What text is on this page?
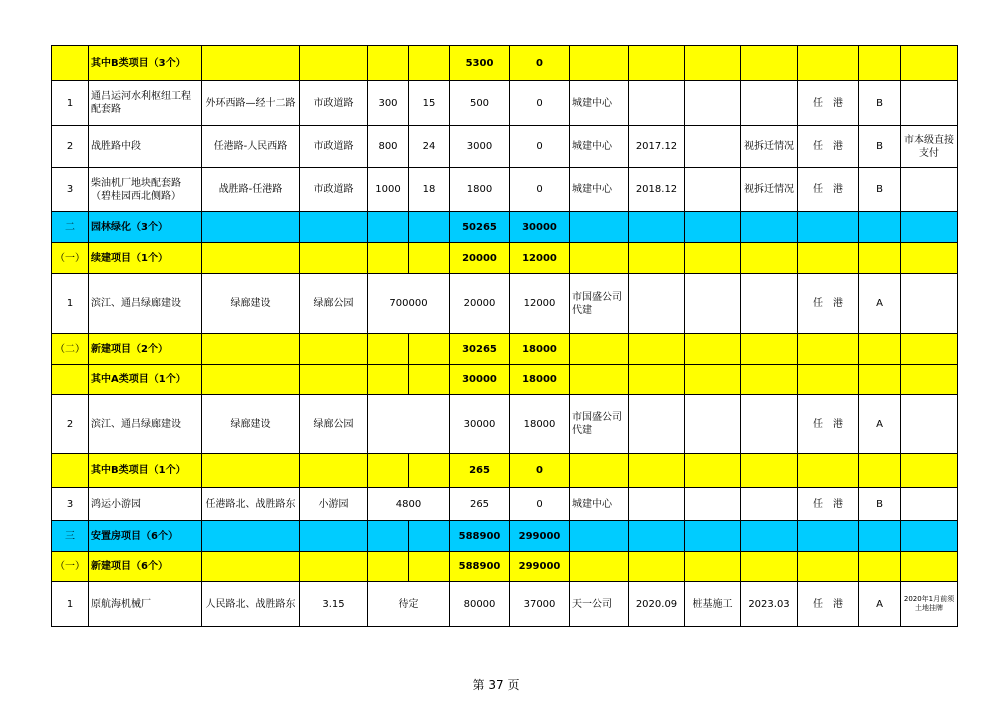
	其中B类项目（3个）					5300	0							
1	通吕运河水利枢纽工程配套路	外环西路—经十二路	市政道路	300	15	500	0	城建中心				任　港	B	
2	战胜路中段	任港路-人民西路	市政道路	800	24	3000	0	城建中心	2017.12		视拆迁情况	任　港	B	市本级直接支付
3	柴油机厂地块配套路（碧桂园西北侧路）	战胜路-任港路	市政道路	1000	18	1800	0	城建中心	2018.12		视拆迁情况	任　港	B	
二	园林绿化（3个）					50265	30000							
（一）	续建项目（1个）					20000	12000							
1	滨江、通吕绿廊建设	绿廊建设	绿廊公园	700000		20000	12000	市国盛公司代建				任　港	A	
（二）	新建项目（2个）					30265	18000							
	其中A类项目（1个）					30000	18000							
2	滨江、通吕绿廊建设	绿廊建设	绿廊公园			30000	18000	市国盛公司代建				任　港	A	
	其中B类项目（1个）					265	0							
3	鸿运小游园	任港路北、战胜路东	小游园	4800		265	0	城建中心				任　港	B	
三	安置房项目（6个）					588900	299000							
（一）	新建项目（6个）					588900	299000							
1	原航海机械厂	人民路北、战胜路东	3.15	待定		80000	37000	天一公司	2020.09	桩基施工	2023.03	任　港	A	2020年1月前须土地挂牌
第 37 页
